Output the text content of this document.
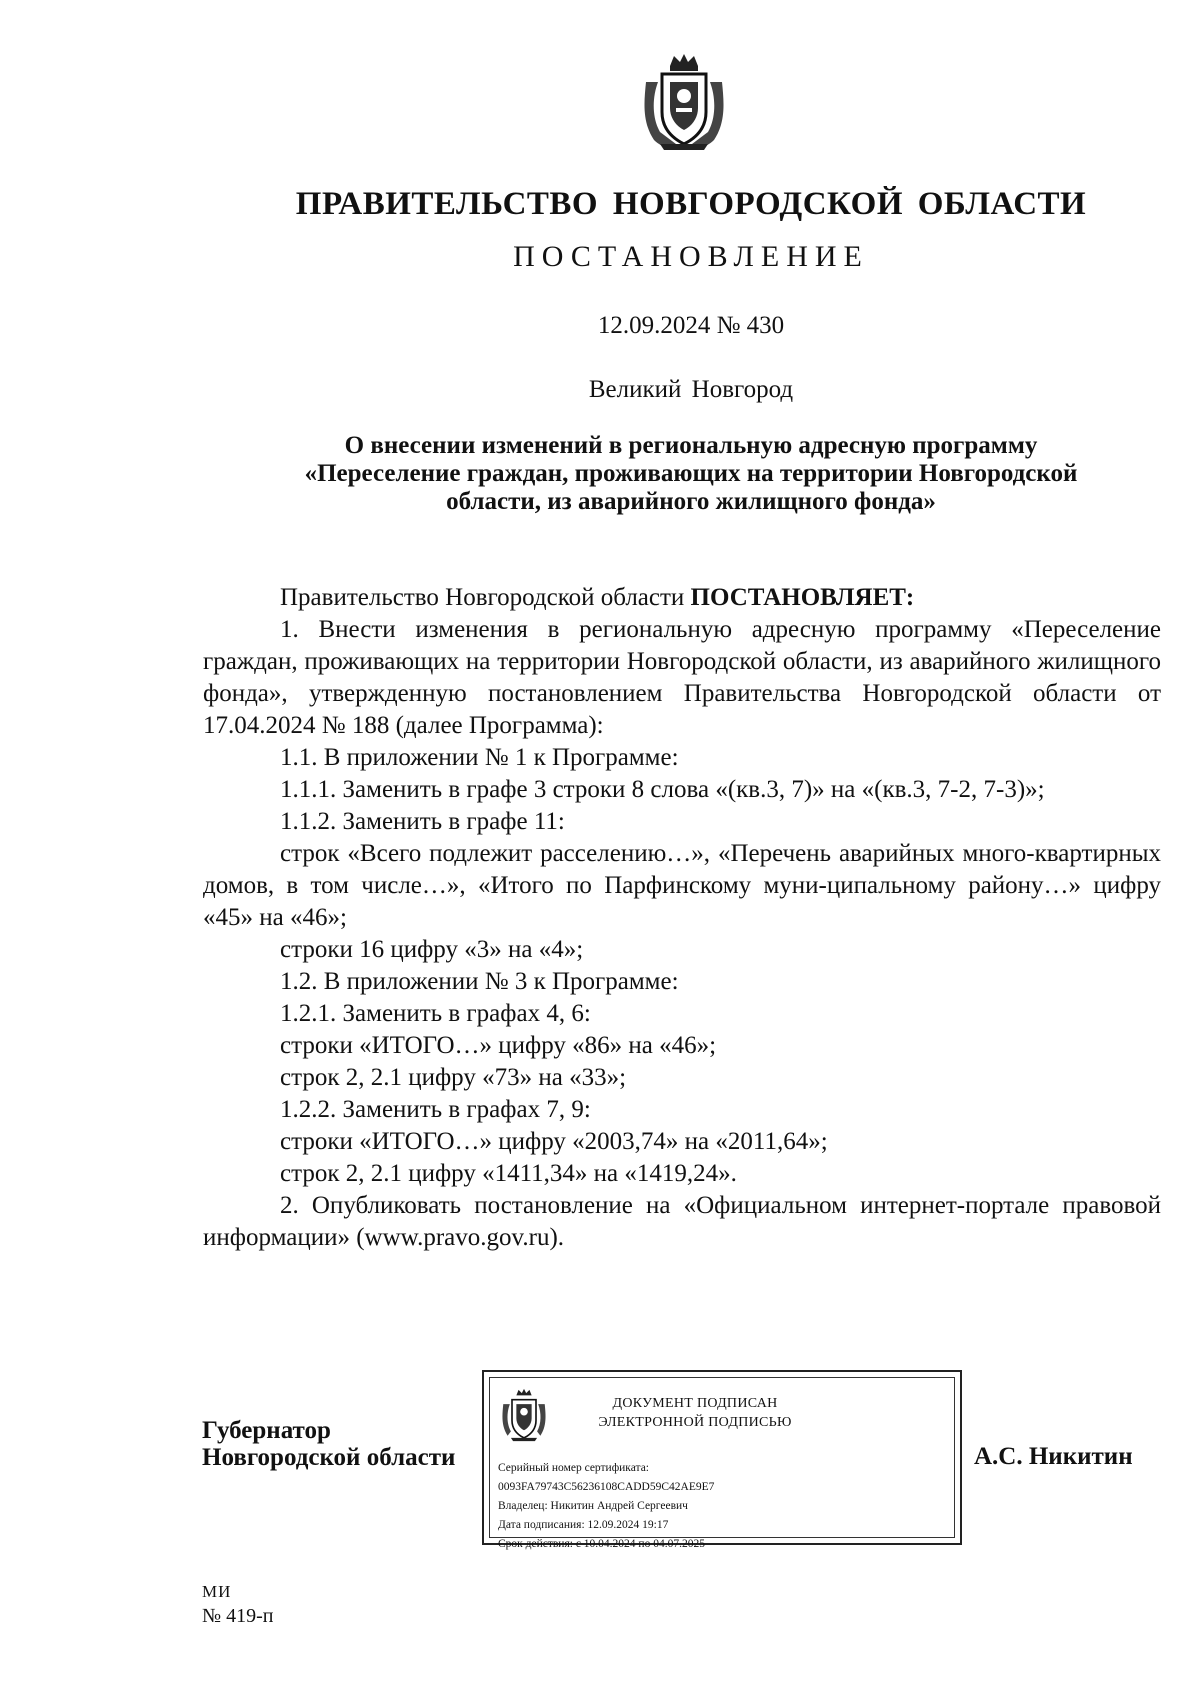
ПРАВИТЕЛЬСТВО НОВГОРОДСКОЙ ОБЛАСТИ
ПОСТАНОВЛЕНИЕ
12.09.2024 № 430
Великий Новгород
О внесении изменений в региональную адресную программу
«Переселение граждан, проживающих на территории Новгородской
области, из аварийного жилищного фонда»
Правительство Новгородской области ПОСТАНОВЛЯЕТ:
1. Внести изменения в региональную адресную программу «Переселение граждан, проживающих на территории Новгородской области, из аварийного жилищного фонда», утвержденную постановлением Правительства Новгородской области от 17.04.2024 № 188 (далее Программа):
1.1. В приложении № 1 к Программе:
1.1.1. Заменить в графе 3 строки 8 слова «(кв.3, 7)» на «(кв.3, 7-2, 7-3)»;
1.1.2. Заменить в графе 11:
строк «Всего подлежит расселению…», «Перечень аварийных много-квартирных домов, в том числе…», «Итого по Парфинскому муни-ципальному району…» цифру «45» на «46»;
строки 16 цифру «3» на «4»;
1.2. В приложении № 3 к Программе:
1.2.1. Заменить в графах 4, 6:
строки «ИТОГО…» цифру «86» на «46»;
строк 2, 2.1 цифру «73» на «33»;
1.2.2. Заменить в графах 7, 9:
строки «ИТОГО…» цифру «2003,74» на «2011,64»;
строк 2, 2.1 цифру «1411,34» на «1419,24».
2. Опубликовать постановление на «Официальном интернет-портале правовой информации» (www.pravo.gov.ru).
Губернатор
Новгородской области
ДОКУМЕНТ ПОДПИСАН
ЭЛЕКТРОННОЙ ПОДПИСЬЮ
Серийный номер сертификата:
0093FA79743C56236108CADD59C42AE9E7
Владелец: Никитин Андрей Сергеевич
Дата подписания: 12.09.2024 19:17
Срок действия: с 10.04.2024 по 04.07.2025
А.С. Никитин
МИ
№ 419-п
